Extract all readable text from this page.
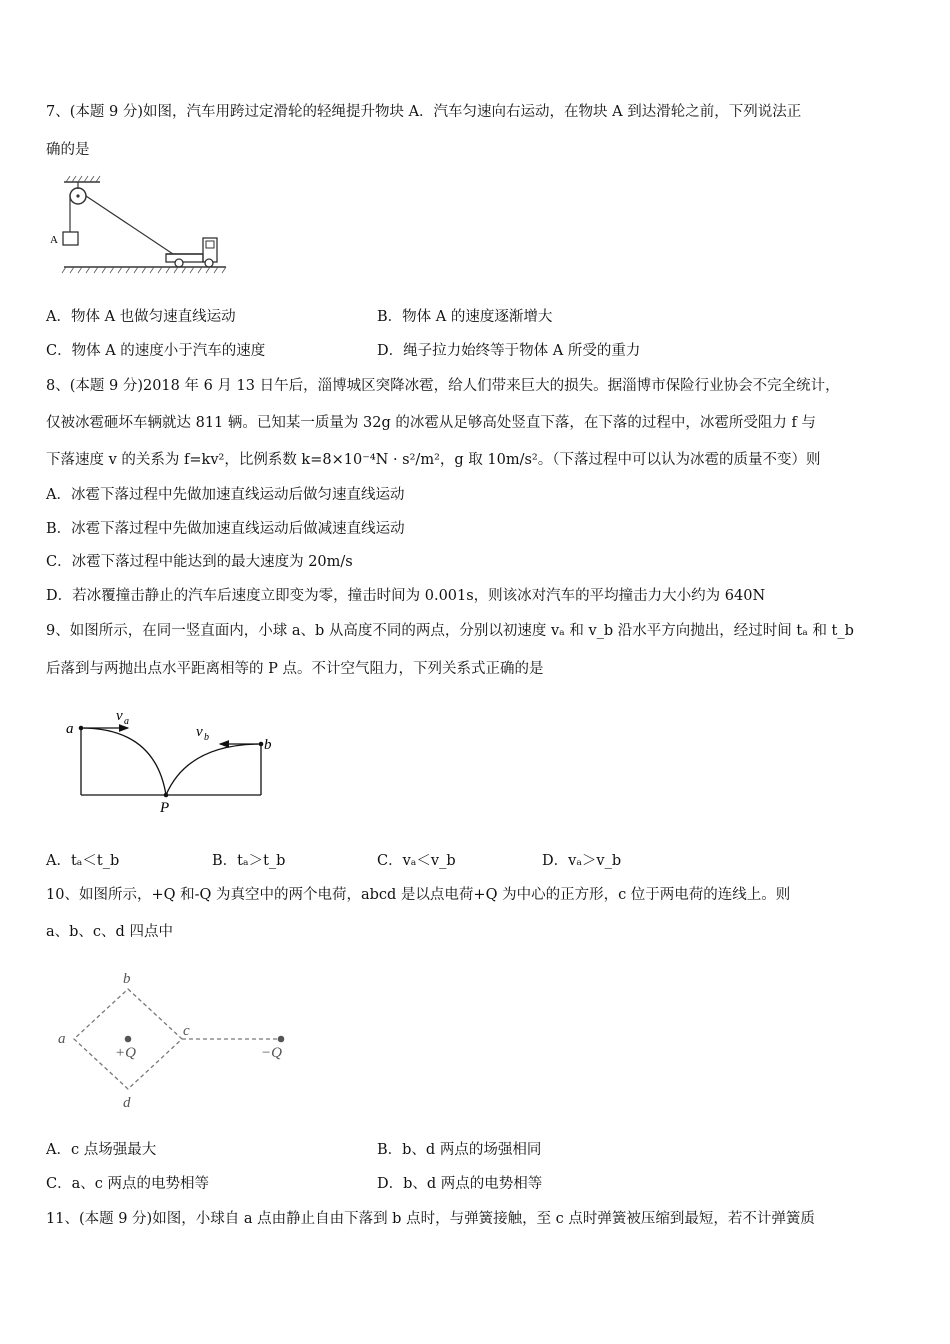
7、(本题 9 分)如图，汽车用跨过定滑轮的轻绳提升物块 A．汽车匀速向右运动，在物块 A 到达滑轮之前，下列说法正
确的是
A
A．物体 A 也做匀速直线运动	B．物体 A 的速度逐渐增大
C．物体 A 的速度小于汽车的速度	D．绳子拉力始终等于物体 A 所受的重力
8、(本题 9 分)2018 年 6 月 13 日午后，淄博城区突降冰雹，给人们带来巨大的损失。据淄博市保险行业协会不完全统计，
仅被冰雹砸坏车辆就达 811 辆。已知某一质量为 32g 的冰雹从足够高处竖直下落，在下落的过程中，冰雹所受阻力 f 与
下落速度 v 的关系为 f=kv²，比例系数 k=8×10⁻⁴N · s²/m²，g 取 10m/s²。（下落过程中可以认为冰雹的质量不变）则
A．冰雹下落过程中先做加速直线运动后做匀速直线运动
B．冰雹下落过程中先做加速直线运动后做减速直线运动
C．冰雹下落过程中能达到的最大速度为 20m/s
D．若冰覆撞击静止的汽车后速度立即变为零，撞击时间为 0.001s，则该冰对汽车的平均撞击力大小约为 640N
9、如图所示，在同一竖直面内，小球 a、b 从高度不同的两点，分别以初速度 vₐ 和 v_b 沿水平方向抛出，经过时间 tₐ 和 t_b
后落到与两抛出点水平距离相等的 P 点。不计空气阻力，下列关系式正确的是
a
b
v a
v b
P
A．tₐ＜t_b	B．tₐ＞t_b	C．vₐ＜v_b	D．vₐ＞v_b
10、如图所示，+Q 和-Q 为真空中的两个电荷，abcd 是以点电荷+Q 为中心的正方形，c 位于两电荷的连线上。则
a、b、c、d 四点中
b
a	c
d
+Q	−Q
A．c 点场强最大	B．b、d 两点的场强相同
C．a、c 两点的电势相等	D．b、d 两点的电势相等
11、(本题 9 分)如图，小球自 a 点由静止自由下落到 b 点时，与弹簧接触，至 c 点时弹簧被压缩到最短，若不计弹簧质
